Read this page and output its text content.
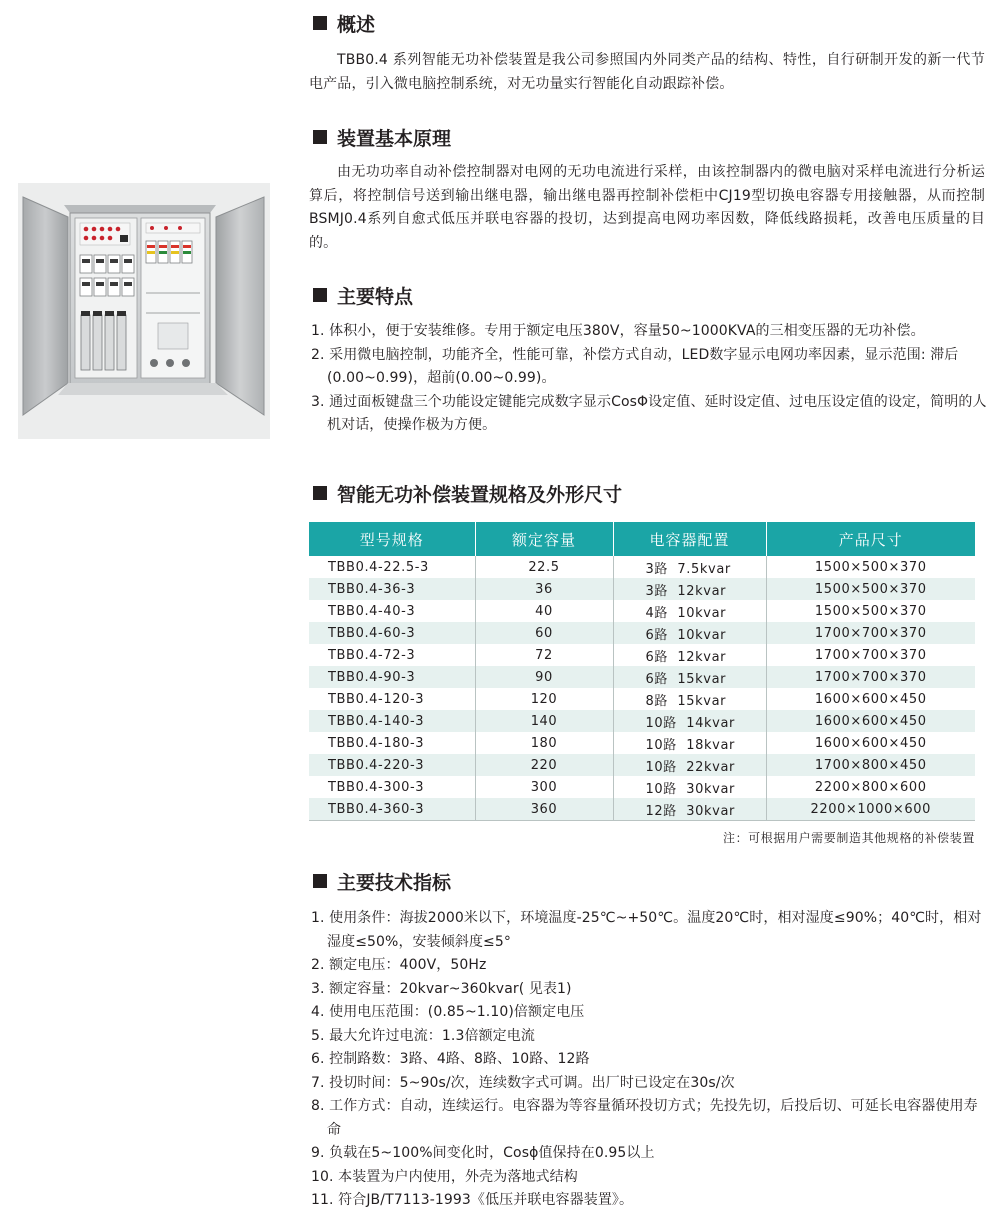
概述

TBB0.4 系列智能无功补偿装置是我公司参照国内外同类产品的结构、特性，自行研制开发的新一代节电产品，引入微电脑控制系统，对无功量实行智能化自动跟踪补偿。

装置基本原理

由无功功率自动补偿控制器对电网的无功电流进行采样，由该控制器内的微电脑对采样电流进行分析运算后，将控制信号送到输出继电器，输出继电器再控制补偿柜中CJ19型切换电容器专用接触器，从而控制BSMJ0.4系列自愈式低压并联电容器的投切，达到提高电网功率因数，降低线路损耗，改善电压质量的目的。

主要特点
1. 体积小，便于安装维修。专用于额定电压380V，容量50~1000KVA的三相变压器的无功补偿。
2. 采用微电脑控制，功能齐全，性能可靠，补偿方式自动，LED数字显示电网功率因素，显示范围: 滞后(0.00~0.99)，超前(0.00~0.99)。
3. 通过面板键盘三个功能设定键能完成数字显示CosΦ设定值、延时设定值、过电压设定值的设定，简明的人机对话，使操作极为方便。
智能无功补偿装置规格及外形尺寸
型号规格	额定容量	电容器配置	产品尺寸
TBB0.4-22.5-3	22.5	3路  7.5kvar	1500×500×370
TBB0.4-36-3	36	3路  12kvar	1500×500×370
TBB0.4-40-3	40	4路  10kvar	1500×500×370
TBB0.4-60-3	60	6路  10kvar	1700×700×370
TBB0.4-72-3	72	6路  12kvar	1700×700×370
TBB0.4-90-3	90	6路  15kvar	1700×700×370
TBB0.4-120-3	120	8路  15kvar	1600×600×450
TBB0.4-140-3	140	10路  14kvar	1600×600×450
TBB0.4-180-3	180	10路  18kvar	1600×600×450
TBB0.4-220-3	220	10路  22kvar	1700×800×450
TBB0.4-300-3	300	10路  30kvar	2200×800×600
TBB0.4-360-3	360	12路  30kvar	2200×1000×600
注：可根据用户需要制造其他规格的补偿装置
主要技术指标
1. 使用条件：海拔2000米以下，环境温度-25℃~+50℃。温度20℃时，相对湿度≤90%；40℃时，相对湿度≤50%，安装倾斜度≤5°
2. 额定电压：400V，50Hz
3. 额定容量：20kvar~360kvar( 见表1)
4. 使用电压范围：(0.85~1.10)倍额定电压
5. 最大允许过电流：1.3倍额定电流
6. 控制路数：3路、4路、8路、10路、12路
7. 投切时间：5~90s/次，连续数字式可调。出厂时已设定在30s/次
8. 工作方式：自动，连续运行。电容器为等容量循环投切方式；先投先切，后投后切、可延长电容器使用寿命
9. 负载在5~100%间变化时，Cosϕ值保持在0.95以上
10. 本装置为户内使用，外壳为落地式结构
11. 符合JB/T7113-1993《低压并联电容器装置》。
